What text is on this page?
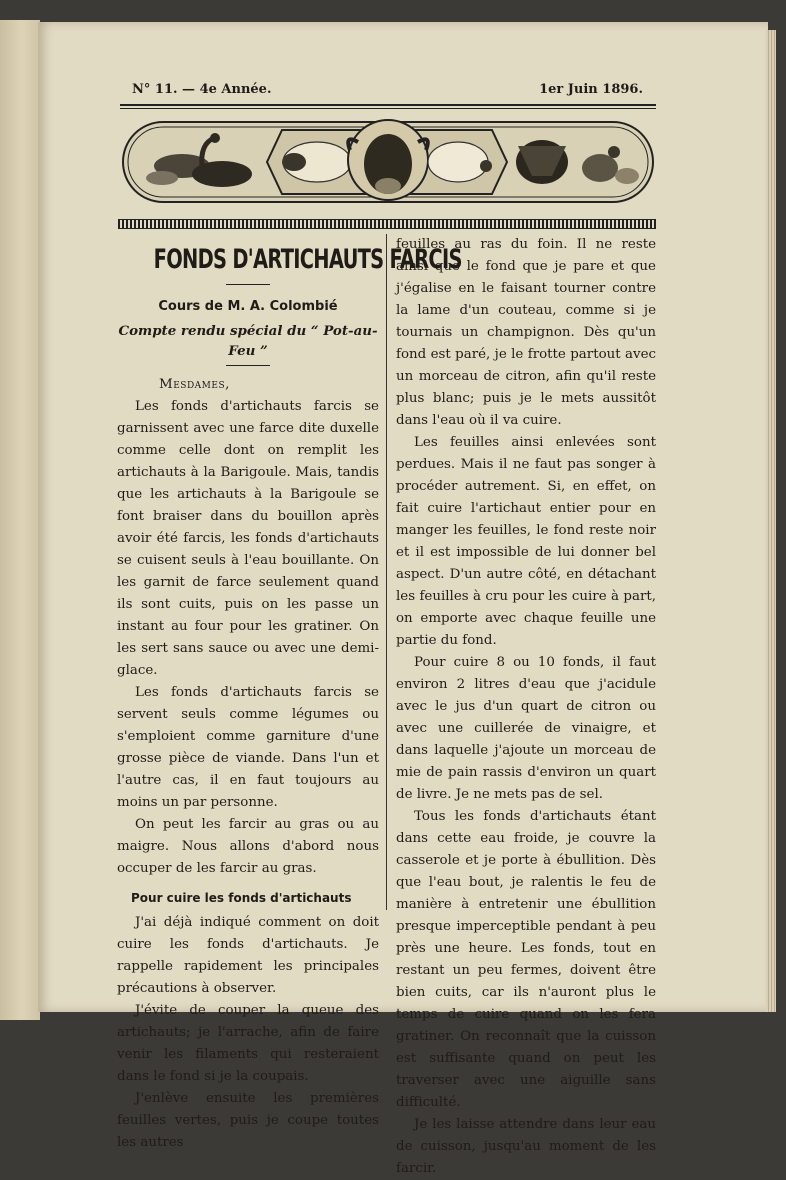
N° 11. — 4e Année.	1er Juin 1896.
FONDS D'ARTICHAUTS FARCIS
Cours de M. A. Colombié
Compte rendu spécial du “ Pot-au-Feu ”

Mesdames,

Les fonds d'artichauts farcis se garnissent avec une farce dite duxelle comme celle dont on remplit les artichauts à la Barigoule. Mais, tandis que les artichauts à la Barigoule se font braiser dans du bouillon après avoir été farcis, les fonds d'artichauts se cuisent seuls à l'eau bouillante. On les garnit de farce seulement quand ils sont cuits, puis on les passe un instant au four pour les gratiner. On les sert sans sauce ou avec une demi-glace.

Les fonds d'artichauts farcis se servent seuls comme légumes ou s'emploient comme garniture d'une grosse pièce de viande. Dans l'un et l'autre cas, il en faut toujours au moins un par personne.

On peut les farcir au gras ou au maigre. Nous allons d'abord nous occuper de les farcir au gras.

Pour cuire les fonds d'artichauts

J'ai déjà indiqué comment on doit cuire les fonds d'artichauts. Je rappelle rapidement les principales précautions à observer.

J'évite de couper la queue des artichauts; je l'arrache, afin de faire venir les filaments qui resteraient dans le fond si je la coupais.

J'enlève ensuite les premières feuilles vertes, puis je coupe toutes les autres

feuilles au ras du foin. Il ne reste ainsi que le fond que je pare et que j'égalise en le faisant tourner contre la lame d'un couteau, comme si je tournais un champignon. Dès qu'un fond est paré, je le frotte partout avec un morceau de citron, afin qu'il reste plus blanc; puis je le mets aussitôt dans l'eau où il va cuire.

Les feuilles ainsi enlevées sont perdues. Mais il ne faut pas songer à procéder autrement. Si, en effet, on fait cuire l'artichaut entier pour en manger les feuilles, le fond reste noir et il est impossible de lui donner bel aspect. D'un autre côté, en détachant les feuilles à cru pour les cuire à part, on emporte avec chaque feuille une partie du fond.

Pour cuire 8 ou 10 fonds, il faut environ 2 litres d'eau que j'acidule avec le jus d'un quart de citron ou avec une cuillerée de vinaigre, et dans laquelle j'ajoute un morceau de mie de pain rassis d'environ un quart de livre. Je ne mets pas de sel.

Tous les fonds d'artichauts étant dans cette eau froide, je couvre la casserole et je porte à ébullition. Dès que l'eau bout, je ralentis le feu de manière à entretenir une ébullition presque imperceptible pendant à peu près une heure. Les fonds, tout en restant un peu fermes, doivent être bien cuits, car ils n'auront plus le temps de cuire quand on les fera gratiner. On reconnaît que la cuisson est suffisante quand on peut les traverser avec une aiguille sans difficulté.

Je les laisse attendre dans leur eau de cuisson, jusqu'au moment de les farcir.
